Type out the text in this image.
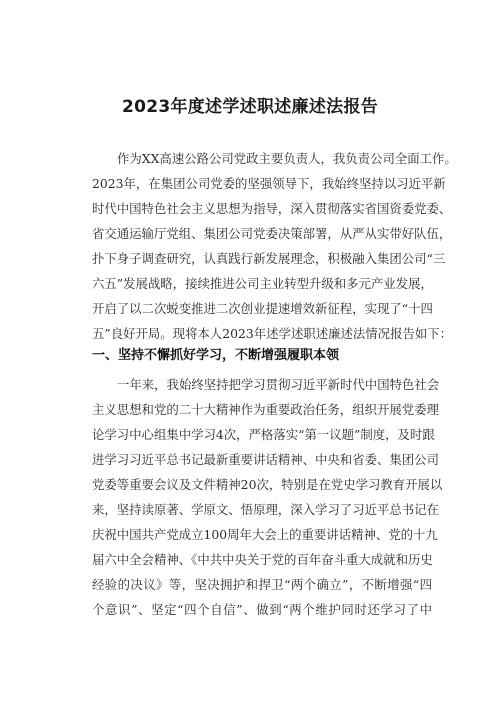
2023年度述学述职述廉述法报告

作为XX高速公路公司党政主要负责人，我负责公司全面工作。

2023年，在集团公司党委的坚强领导下，我始终坚持以习近平新

时代中国特色社会主义思想为指导，深入贯彻落实省国资委党委、

省交通运输厅党组、集团公司党委决策部署，从严从实带好队伍，

扑下身子调查研究，认真践行新发展理念，积极融入集团公司“三

六五”发展战略，接续推进公司主业转型升级和多元产业发展，

开启了以二次蜕变推进二次创业提速增效新征程，实现了“十四

五”良好开局。现将本人2023年述学述职述廉述法情况报告如下：

一、坚持不懈抓好学习，不断增强履职本领

一年来，我始终坚持把学习贯彻习近平新时代中国特色社会

主义思想和党的二十大精神作为重要政治任务，组织开展党委理

论学习中心组集中学习4次，严格落实“第一议题”制度，及时跟

进学习习近平总书记最新重要讲话精神、中央和省委、集团公司

党委等重要会议及文件精神20次，特别是在党史学习教育开展以

来，坚持读原著、学原文、悟原理，深入学习了习近平总书记在

庆祝中国共产党成立100周年大会上的重要讲话精神、党的十九

届六中全会精神、《中共中央关于党的百年奋斗重大成就和历史

经验的决议》等，坚决拥护和捍卫“两个确立”，不断增强“四

个意识”、坚定“四个自信”、做到“两个维护同时还学习了中
